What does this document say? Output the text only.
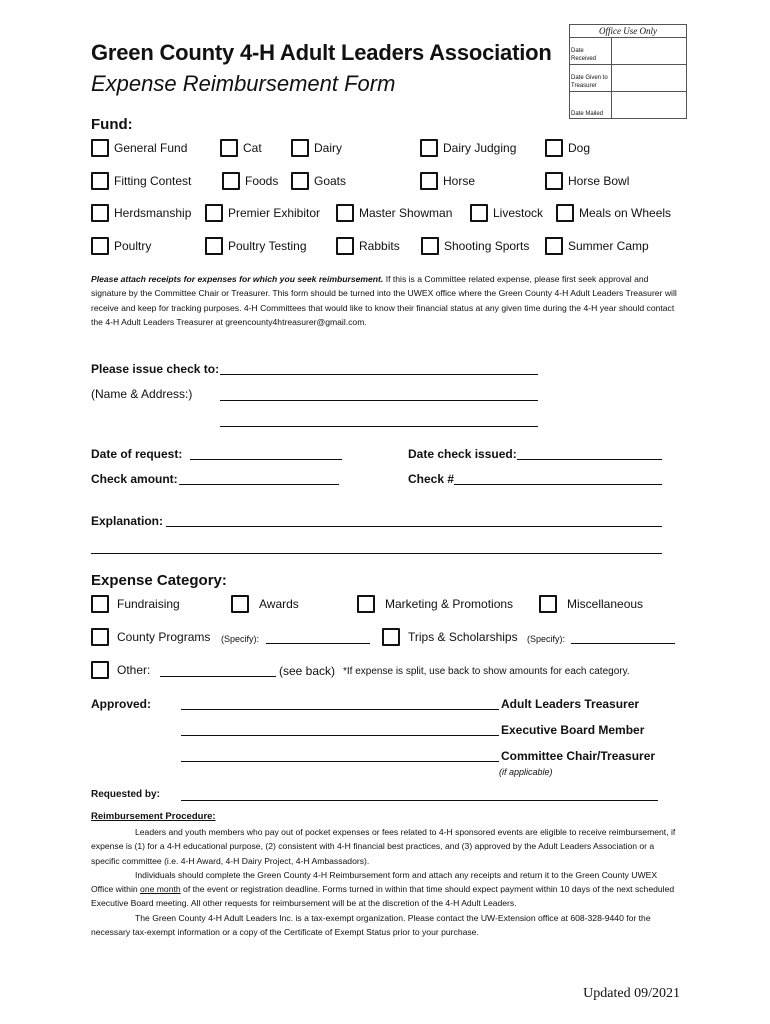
Green County 4-H Adult Leaders Association
Expense Reimbursement Form
Office Use Only
Date Received
Date Given to Treasurer
Date Mailed
Fund:
General Fund	Cat	Dairy	Dairy Judging	Dog
Fitting Contest	Foods	Goats	Horse	Horse Bowl
Herdsmanship	Premier Exhibitor	Master Showman	Livestock	Meals on Wheels
Poultry	Poultry Testing	Rabbits	Shooting Sports	Summer Camp
Please attach receipts for expenses for which you seek reimbursement. If this is a Committee related expense, please first seek approval and signature by the Committee Chair or Treasurer. This form should be turned into the UWEX office where the Green County 4-H Adult Leaders Treasurer will receive and keep for tracking purposes. 4-H Committees that would like to know their financial status at any given time during the 4-H year should contact the 4-H Adult Leaders Treasurer at greencounty4htreasurer@gmail.com.
Please issue check to:
(Name & Address:)
Date of request:	Date check issued:
Check amount:	Check #
Explanation:
Expense Category:
Fundraising	Awards	Marketing & Promotions	Miscellaneous
County Programs (Specify):	Trips & Scholarships (Specify):
Other:	(see back) *If expense is split, use back to show amounts for each category.
Approved:	Adult Leaders Treasurer
Executive Board Member
Committee Chair/Treasurer
(if applicable)
Requested by:
Reimbursement Procedure:

Leaders and youth members who pay out of pocket expenses or fees related to 4-H sponsored events are eligible to receive reimbursement, if expense is (1) for a 4-H educational purpose, (2) consistent with 4-H financial best practices, and (3) approved by the Adult Leaders Association or a specific committee (i.e. 4-H Award, 4-H Dairy Project, 4-H Ambassadors).

Individuals should complete the Green County 4-H Reimbursement form and attach any receipts and return it to the Green County UWEX Office within one month of the event or registration deadline. Forms turned in within that time should expect payment within 10 days of the next scheduled Executive Board meeting. All other requests for reimbursement will be at the discretion of the 4-H Adult Leaders.

The Green County 4-H Adult Leaders Inc. is a tax-exempt organization. Please contact the UW-Extension office at 608-328-9440 for the necessary tax-exempt information or a copy of the Certificate of Exempt Status prior to your purchase.

Updated 09/2021
